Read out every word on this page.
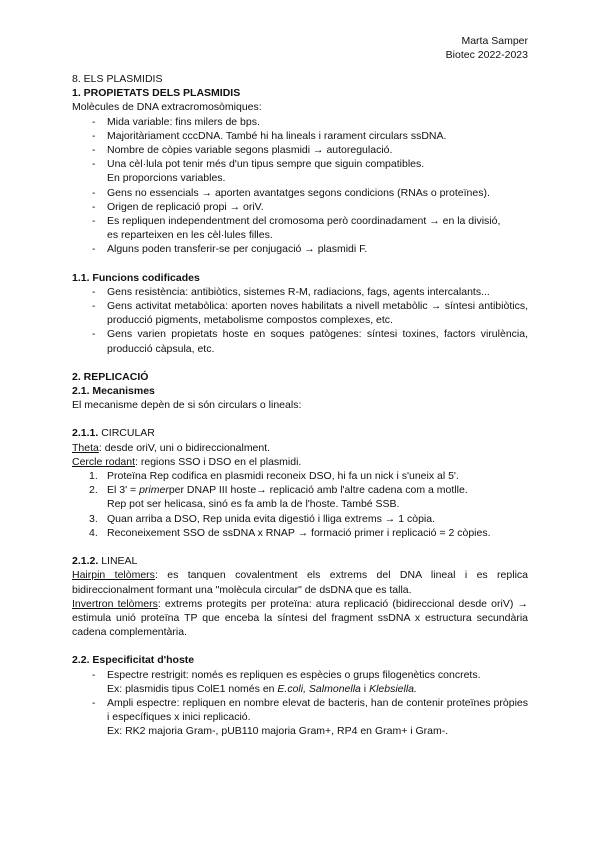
Marta Samper
Biotec 2022-2023
8. ELS PLASMIDIS
1. PROPIETATS DELS PLASMIDIS
Molècules de DNA extracromosòmiques:
- Mida variable: fins milers de bps.
- Majoritàriament cccDNA. També hi ha lineals i rarament circulars ssDNA.
- Nombre de còpies variable segons plasmidi → autoregulació.
- Una cèl·lula pot tenir més d'un tipus sempre que siguin compatibles.
En proporcions variables.
- Gens no essencials → aporten avantatges segons condicions (RNAs o proteïnes).
- Origen de replicació propi → oriV.
- Es repliquen independentment del cromosoma però coordinadament → en la divisió,
es reparteixen en les cèl·lules filles.
- Alguns poden transferir-se per conjugació → plasmidi F.
1.1. Funcions codificades
- Gens resistència: antibiòtics, sistemes R-M, radiacions, fags, agents intercalants...
- Gens activitat metabòlica: aporten noves habilitats a nivell metabòlic → síntesi antibiòtics, producció pigments, metabolisme compostos complexes, etc.
- Gens varien propietats hoste en soques patògenes: síntesi toxines, factors virulència, producció càpsula, etc.
2. REPLICACIÓ
2.1. Mecanismes
El mecanisme depèn de si són circulars o lineals:
2.1.1. CIRCULAR
Theta: desde oriV, uni o bidireccionalment.
Cercle rodant: regions SSO i DSO en el plasmidi.
1. Proteïna Rep codifica en plasmidi reconeix DSO, hi fa un nick i s'uneix al 5'.
2. El 3' = primerper DNAP III hoste→ replicació amb l'altre cadena com a motlle.
Rep pot ser helicasa, sinó es fa amb la de l'hoste. També SSB.
3. Quan arriba a DSO, Rep unida evita digestió i lliga extrems → 1 còpia.
4. Reconeixement SSO de ssDNA x RNAP → formació primer i replicació = 2 còpies.
2.1.2. LINEAL
Hairpin telòmers: es tanquen covalentment els extrems del DNA lineal i es replica bidireccionalment formant una "molècula circular" de dsDNA que es talla.
Invertron telòmers: extrems protegits per proteïna: atura replicació (bidireccional desde oriV) → estimula unió proteïna TP que enceba la síntesi del fragment ssDNA x estructura secundària cadena complementària.
2.2. Especificitat d'hoste
- Espectre restrigit: només es repliquen es espècies o grups filogenètics concrets.
Ex: plasmidis tipus ColE1 només en E.coli, Salmonella i Klebsiella.
- Ampli espectre: repliquen en nombre elevat de bacteris, han de contenir proteïnes pròpies i específiques x inici replicació.
Ex: RK2 majoria Gram-, pUB110 majoria Gram+, RP4 en Gram+ i Gram-.
